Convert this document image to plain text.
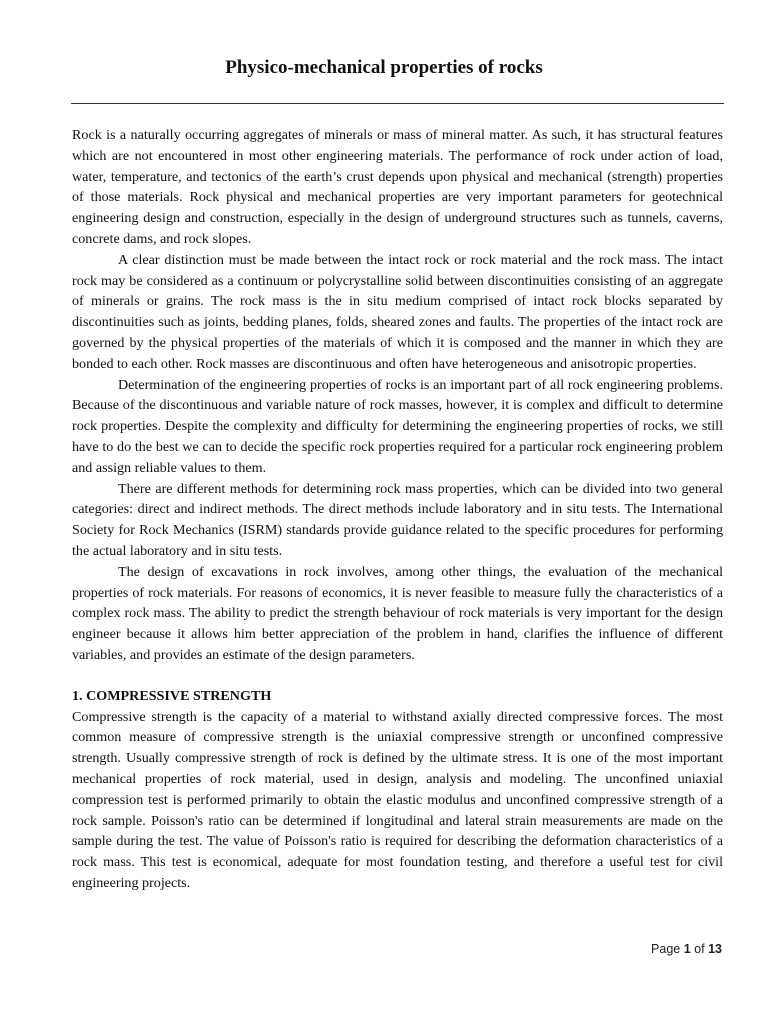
Physico-mechanical properties of rocks

Rock is a naturally occurring aggregates of minerals or mass of mineral matter. As such, it has structural features which are not encountered in most other engineering materials. The performance of rock under action of load, water, temperature, and tectonics of the earth’s crust depends upon physical and mechanical (strength) properties of those materials. Rock physical and mechanical properties are very important parameters for geotechnical engineering design and construction, especially in the design of underground structures such as tunnels, caverns, concrete dams, and rock slopes.

A clear distinction must be made between the intact rock or rock material and the rock mass. The intact rock may be considered as a continuum or polycrystalline solid between discontinuities consisting of an aggregate of minerals or grains. The rock mass is the in situ medium comprised of intact rock blocks separated by discontinuities such as joints, bedding planes, folds, sheared zones and faults. The properties of the intact rock are governed by the physical properties of the materials of which it is composed and the manner in which they are bonded to each other. Rock masses are discontinuous and often have heterogeneous and anisotropic properties.

Determination of the engineering properties of rocks is an important part of all rock engineering problems. Because of the discontinuous and variable nature of rock masses, however, it is complex and difficult to determine rock properties. Despite the complexity and difficulty for determining the engineering properties of rocks, we still have to do the best we can to decide the specific rock properties required for a particular rock engineering problem and assign reliable values to them.

There are different methods for determining rock mass properties, which can be divided into two general categories: direct and indirect methods. The direct methods include laboratory and in situ tests. The International Society for Rock Mechanics (ISRM) standards provide guidance related to the specific procedures for performing the actual laboratory and in situ tests.

The design of excavations in rock involves, among other things, the evaluation of the mechanical properties of rock materials. For reasons of economics, it is never feasible to measure fully the characteristics of a complex rock mass. The ability to predict the strength behaviour of rock materials is very important for the design engineer because it allows him better appreciation of the problem in hand, clarifies the influence of different variables, and provides an estimate of the design parameters.

1. COMPRESSIVE STRENGTH

Compressive strength is the capacity of a material to withstand axially directed compressive forces. The most common measure of compressive strength is the uniaxial compressive strength or unconfined compressive strength. Usually compressive strength of rock is defined by the ultimate stress. It is one of the most important mechanical properties of rock material, used in design, analysis and modeling. The unconfined uniaxial compression test is performed primarily to obtain the elastic modulus and unconfined compressive strength of a rock sample. Poisson's ratio can be determined if longitudinal and lateral strain measurements are made on the sample during the test. The value of Poisson's ratio is required for describing the deformation characteristics of a rock mass. This test is economical, adequate for most foundation testing, and therefore a useful test for civil engineering projects.

Page 1 of 13
